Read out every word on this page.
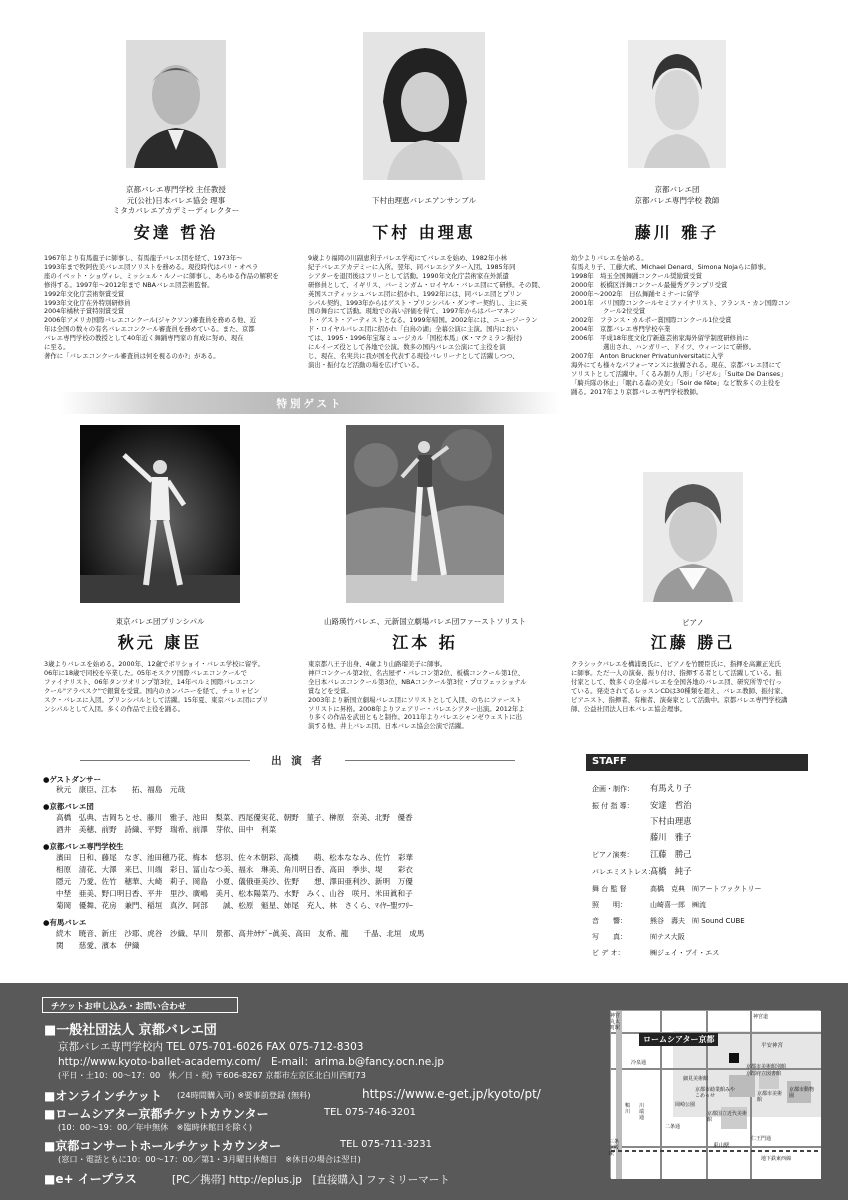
京都バレエ専門学校 主任教授
元(公社)日本バレエ協会 理事
ミタカバレエアカデミーディレクター
安達 哲治
下村由理恵バレエアンサンブル
下村 由理恵
京都バレエ団
京都バレエ専門学校 教師
藤川 雅子
1967年より有馬龍子に師事し、有馬龍子バレエ団を経て、1973年～
1993年まで牧阿佐美バレエ団ソリストを務める。現役時代はパリ・オペラ
座のイベット・ショヴィレ、ミッシェル・ルノーに師事し、あらゆる作品の解釈を
修得する。1997年～2012年まで NBAバレエ団芸術監督。
1992年文化庁芸術祭賞受賞
1993年文化庁在外特別研修員
2004年橘秋子賞特別賞受賞
2006年アメリカ国際バレエコンクール(ジャクソン)審査員を務める他、近
年は全国の数々の有名バレエコンクール審査員を務めている。また、京都
バレエ専門学校の教授として40年近く舞踊専門家の育成に努め、現在
に至る。
著作に「バレエコンクール審査員は何を視るのか?」がある。
9歳より福岡の川副恵利子バレエ学苑にてバレエを始め、1982年小林
紀子バレエアカデミーに入所。翌年、同バレエシアター入団。1985年同
シアターを退団後はフリーとして活動。1990年文化庁芸術家在外派遣
研修員として、イギリス、バーミンガム・ロイヤル・バレエ団にて研修。その間、
英国スコティッシュバレエ団に招かれ、1992年には、同バレエ団とプリン
シパル契約、1993年からはゲスト・プリンシパル・ダンサー契約し、主に英
国の舞台にて活動。現地での高い評価を得て、1997年からはパーマネン
ト・ゲスト・アーティストとなる。1999年帰国。2002年には、ニュージーラン
ド・ロイヤルバレエ団に招かれ「白鳥の湖」全幕公演に主演。国内におい
ては、1995・1996年宝塚ミュージカル「国松本馬」(K・マクミラン振付)
にルイーズ役として各地で公演。数多の国内バレエ公演にて主役を演
じ、現在、名実共に我が国を代表する現役バレリーナとして活躍しつつ、
演出・振付など活動の場を広げている。
幼少よりバレエを始める。
有馬えり子、工藤大貮、Michael Denard、Simona Nojaらに師事。
1998年　埼玉全国舞踊コンクール奨励賞受賞
2000年　板橋区洋舞コンクール最優秀グランプリ受賞
2000年～2002年　日仏舞踊セミナーに留学
2001年　パリ国際コンクールセミファイナリスト、フランス・カン国際コン
　　　　　クール2位受賞
2002年　フランス・カルポー賞国際コンクール1位受賞
2004年　京都バレエ専門学校卒業
2006年　平成18年度文化庁新進芸術家海外留学制度研修員に
　　　　　選出され、ハンガリー、ドイツ、ウィーンにて研修。
2007年　Anton Bruckner Privatuniversitatに入学
海外にても様々なパフォーマンスに抜擢される。現在、京都バレエ団にて
ソリストとして活躍中。「くるみ割り人形」「ジゼル」「Suite De Danses」
「騎兵隊の休止」「眠れる森の美女」「Soir de fête」など数多くの主役を
踊る。2017年より京都バレエ専門学校教師。
特別ゲスト
東京バレエ団プリンシパル
秋元 康臣
山路瑛竹バレエ、元新国立劇場バレエ団ファーストソリスト
江本 拓
ピアノ
江藤 勝己
3歳よりバレエを始める。2000年、12歳でボリショイ・バレエ学校に留学。
06年に18歳で同校を卒業した。05年モスクワ国際バレエコンクールで
ファイナリスト、06年タンツオリンプ第3位、14年ベルミ国際バレエコン
クール"アラベスク"で銀賞を受賞。国内のカンパニーを経て、チェリャビン
スク・バレエに入団。プリンシパルとして活躍。15年夏、東京バレエ団にプリ
ンシパルとして入団。多くの作品で主役を踊る。
東京都八王子出身、4歳より山路瑠美子に師事。
神戸コンクール第2位、名古屋ザ・バレコン第2位、板橋コンクール第1位、
全日本バレエコンクール第3位、NBAコンクール第3位・プロフェッショナル
賞などを受賞。
2003年より新国立劇場バレエ団にソリストとして入団、のちにファースト
ソリストに昇格。2008年よりフェアリー・バレエシアター出演。2012年よ
り多くの作品を武田ともと制作。2011年よりバレエシャンゼウェストに出
演する他、井上バレエ団、日本バレエ協会公演で活躍。
クラシックバレエを構浦勇氏に、ピアノを竹腰臣氏に、指揮を高瀬正光氏
に師事。ただ一人の演奏、振り付け、指揮する者として活躍している。振
付家として、数多くの全幕バレエを全国各地のバレエ団、研究所等で行っ
ている。発売されてるレッスンCDは30種類を超え、バレエ教師、振付家、
ピアニスト、指揮者、有権者、演奏家として活動中。京都バレエ専門学校講
師、公益社団法人日本バレエ協会理事。
出 演 者
●ゲストダンサー
秋元　康臣、江本　　拓、福島　元哉
●京都バレエ団
高橋　弘典、吉岡ちとせ、藤川　雅子、池田　梨菜、西尾優実花、朝野　菫子、榊原　奈美、北野　優香
酒井　美穂、前野　詩織、平野　瑞希、前澤　芽依、田中　利菜
●京都バレエ専門学校生
濱田　日和、藤尾　なぎ、池田穂乃花、梅本　悠羽、佐々木朝彩、高橋　　萌、松本ななみ、佐竹　彩華
相原　清花、大澤　来巳、川端　彩日、冨山なつ美、福永　琳美、角川明日香、高田　季歩、堤　　彩衣
隠元　乃愛、佐竹　穂華、大崎　莉子、岡島　小夏、儀俄亜美沙、佐野　　想、澤田亜利沙、新明　万優
中埜　亜美、野口明日香、平井　里沙、廣嶋　美月、松本陽菜乃、水野　みく、山谷　咲月、米田眞和子
菊岡　優舞、花房　兼門、稲垣　真汐、阿部　　誠、松原　魁星、姉尾　充人、林　さくら、ﾏｲﾔｰ聖ﾂﾌﾘｰ
●有馬バレエ
続木　暁音、新庄　沙耶、虎谷　沙織、早川　景都、高井ｶｻﾃﾞｰ眞美、高田　友希、龍　　千晶、北垣　成馬
関　　慈愛、濱本　伊織
STAFF
企画・制作： 有馬えり子
振 付 指 導： 安達　哲治
下村由理恵
藤川　雅子
ピアノ演奏： 江藤　勝己
バレエミストレス：
髙橋　純子
舞 台 監 督　 高橋　克典　㈲アートファクトリー
照　　明：	山崎喜一郎　㈱流
音　　響：	熊谷　壽夫　㈲ Sound CUBE
写　　真：	㈲テス大阪
ビ デ オ：	㈱ジェイ・ブイ・エス
チケットお申し込み・お問い合わせ
■一般社団法人 京都バレエ団
京都バレエ専門学校内 TEL 075-701-6026 FAX 075-712-8303
http://www.kyoto-ballet-academy.com/　E-mail：arima.b@fancy.ocn.ne.jp
(平日・土10：00～17：00　休／日・祝) 〒606-8267 京都市左京区北白川西町73
■オンラインチケット (24時間購入可) ※要事前登録 (無料)	https://www.e-get.jp/kyoto/pt/
■ロームシアター京都チケットカウンター	TEL 075-746-3201
(10：00～19：00／年中無休　※臨時休館日を除く)
■京都コンサートホールチケットカウンター	TEL 075-711-3231
(窓口・電話ともに10：00～17：00／第1・3月曜日休館日　※休日の場合は翌日)
■e+ イープラス	[PC／携帯] http://eplus.jp　[直接購入] ファミリーマート
ロームシアター京都
神宮丸太町駅
冷泉通
平安神宮
細見美術館
京都市美術館別館
京都府立図書館
京都市勧業館みやこめっせ	京都市美術館
京都市動物園
京都国立近代美術館
二条通
仁王門通
三条京阪駅
東山駅
地下鉄東西線
川端通
鴨川
岡崎公園
神宮道
